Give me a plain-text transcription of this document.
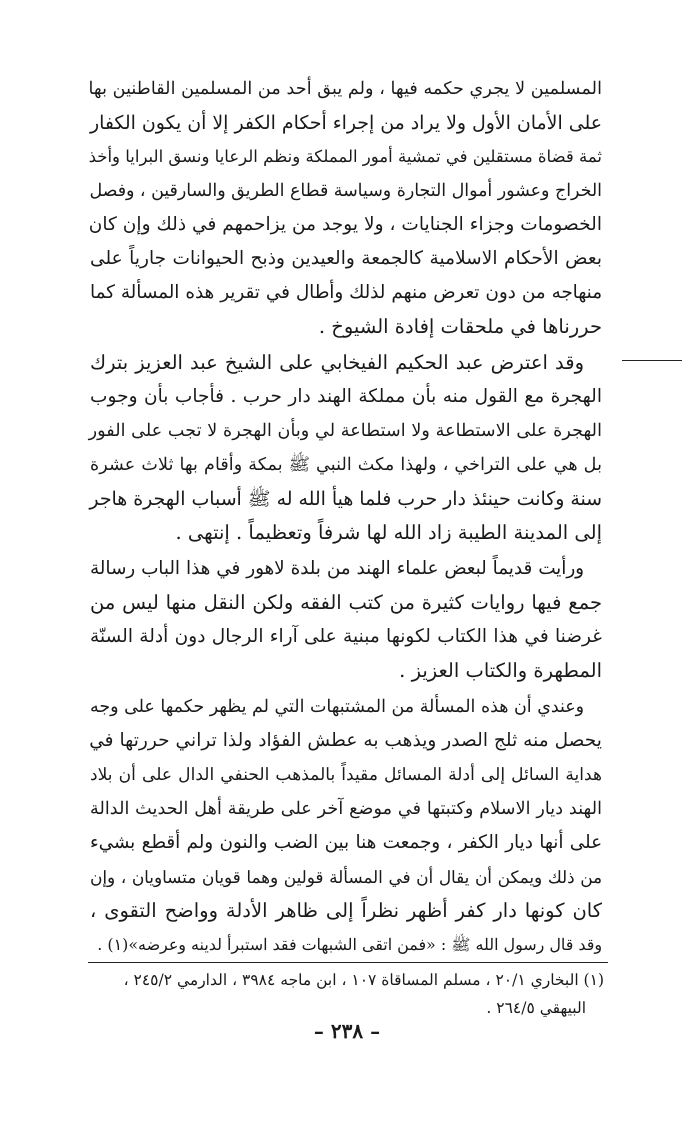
المسلمين لا يجري حكمه فيها ، ولم يبق أحد من المسلمين القاطنين بها
على الأمان الأول ولا يراد من إجراء أحكام الكفر إلا أن يكون الكفار
ثمة قضاة مستقلين في تمشية أمور المملكة ونظم الرعايا ونسق البرايا وأخذ
الخراج وعشور أموال التجارة وسياسة قطاع الطريق والسارقين ، وفصل
الخصومات وجزاء الجنايات ، ولا يوجد من يزاحمهم في ذلك وإن كان
بعض الأحكام الاسلامية كالجمعة والعيدين وذبح الحيوانات جارياً على
منهاجه من دون تعرض منهم لذلك وأطال في تقرير هذه المسألة كما
حررناها في ملحقات إفادة الشيوخ .
وقد اعترض عبد الحكيم الفيخابي على الشيخ عبد العزيز بترك
الهجرة مع القول منه بأن مملكة الهند دار حرب . فأجاب بأن وجوب
الهجرة على الاستطاعة ولا استطاعة لي وبأن الهجرة لا تجب على الفور
بل هي على التراخي ، ولهذا مكث النبي ﷺ بمكة وأقام بها ثلاث عشرة
سنة وكانت حينئذ دار حرب فلما هيأ الله له ﷺ أسباب الهجرة هاجر
إلى المدينة الطيبة زاد الله لها شرفاً وتعظيماً . إنتهى .
ورأيت قديماً لبعض علماء الهند من بلدة لاهور في هذا الباب رسالة
جمع فيها روايات كثيرة من كتب الفقه ولكن النقل منها ليس من
غرضنا في هذا الكتاب لكونها مبنية على آراء الرجال دون أدلة السنّة
المطهرة والكتاب العزيز .
وعندي أن هذه المسألة من المشتبهات التي لم يظهر حكمها على وجه
يحصل منه ثلج الصدر ويذهب به عطش الفؤاد ولذا تراني حررتها في
هداية السائل إلى أدلة المسائل مقيداً بالمذهب الحنفي الدال على أن بلاد
الهند ديار الاسلام وكتبتها في موضع آخر على طريقة أهل الحديث الدالة
على أنها ديار الكفر ، وجمعت هنا بين الضب والنون ولم أقطع بشيء
من ذلك ويمكن أن يقال أن في المسألة قولين وهما قويان متساويان ، وإن
كان كونها دار كفر أظهر نظراً إلى ظاهر الأدلة وواضح التقوى ،
وقد قال رسول الله ﷺ : «فمن اتقى الشبهات فقد استبرأ لدينه وعرضه»(١) .
(١) البخاري ٢٠/١ ، مسلم المساقاة ١٠٧ ، ابن ماجه ٣٩٨٤ ، الدارمي ٢٤٥/٢ ،
البيهقي ٢٦٤/٥ .
– ٢٣٨ –
